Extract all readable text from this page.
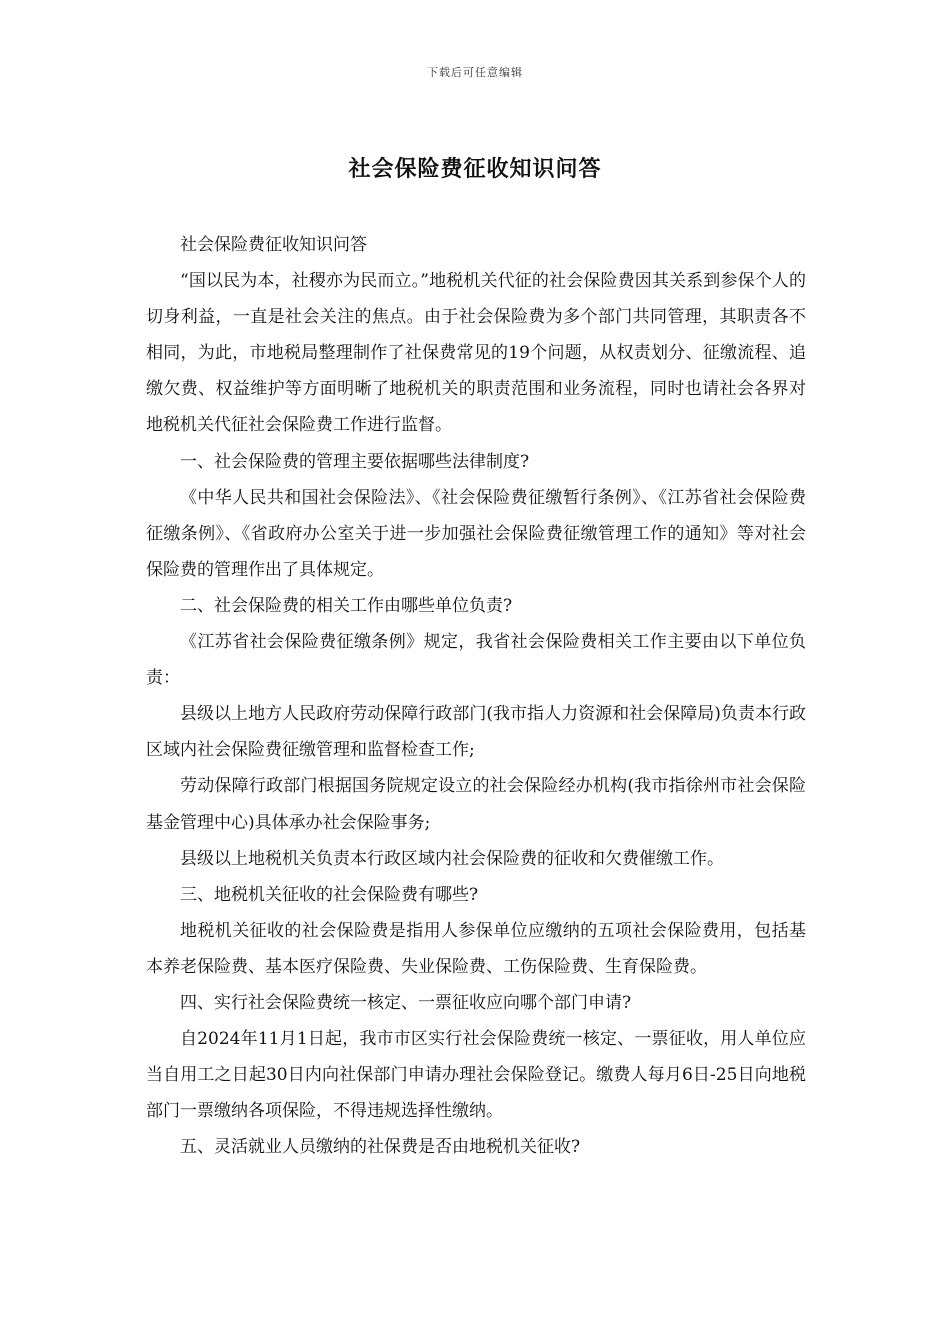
下载后可任意编辑
社会保险费征收知识问答

社会保险费征收知识问答

“国以民为本，社稷亦为民而立。”地税机关代征的社会保险费因其关系到参保个人的切身利益，一直是社会关注的焦点。由于社会保险费为多个部门共同管理，其职责各不相同，为此，市地税局整理制作了社保费常见的19个问题，从权责划分、征缴流程、追缴欠费、权益维护等方面明晰了地税机关的职责范围和业务流程，同时也请社会各界对地税机关代征社会保险费工作进行监督。

一、社会保险费的管理主要依据哪些法律制度?

《中华人民共和国社会保险法》、《社会保险费征缴暂行条例》、《江苏省社会保险费征缴条例》、《省政府办公室关于进一步加强社会保险费征缴管理工作的通知》等对社会保险费的管理作出了具体规定。

二、社会保险费的相关工作由哪些单位负责?

《江苏省社会保险费征缴条例》规定，我省社会保险费相关工作主要由以下单位负责：

县级以上地方人民政府劳动保障行政部门(我市指人力资源和社会保障局)负责本行政区域内社会保险费征缴管理和监督检查工作;

劳动保障行政部门根据国务院规定设立的社会保险经办机构(我市指徐州市社会保险基金管理中心)具体承办社会保险事务;

县级以上地税机关负责本行政区域内社会保险费的征收和欠费催缴工作。

三、地税机关征收的社会保险费有哪些?

地税机关征收的社会保险费是指用人参保单位应缴纳的五项社会保险费用，包括基本养老保险费、基本医疗保险费、失业保险费、工伤保险费、生育保险费。

四、实行社会保险费统一核定、一票征收应向哪个部门申请?

自2024年11月1日起，我市市区实行社会保险费统一核定、一票征收，用人单位应当自用工之日起30日内向社保部门申请办理社会保险登记。缴费人每月6日-25日向地税部门一票缴纳各项保险，不得违规选择性缴纳。

五、灵活就业人员缴纳的社保费是否由地税机关征收?
